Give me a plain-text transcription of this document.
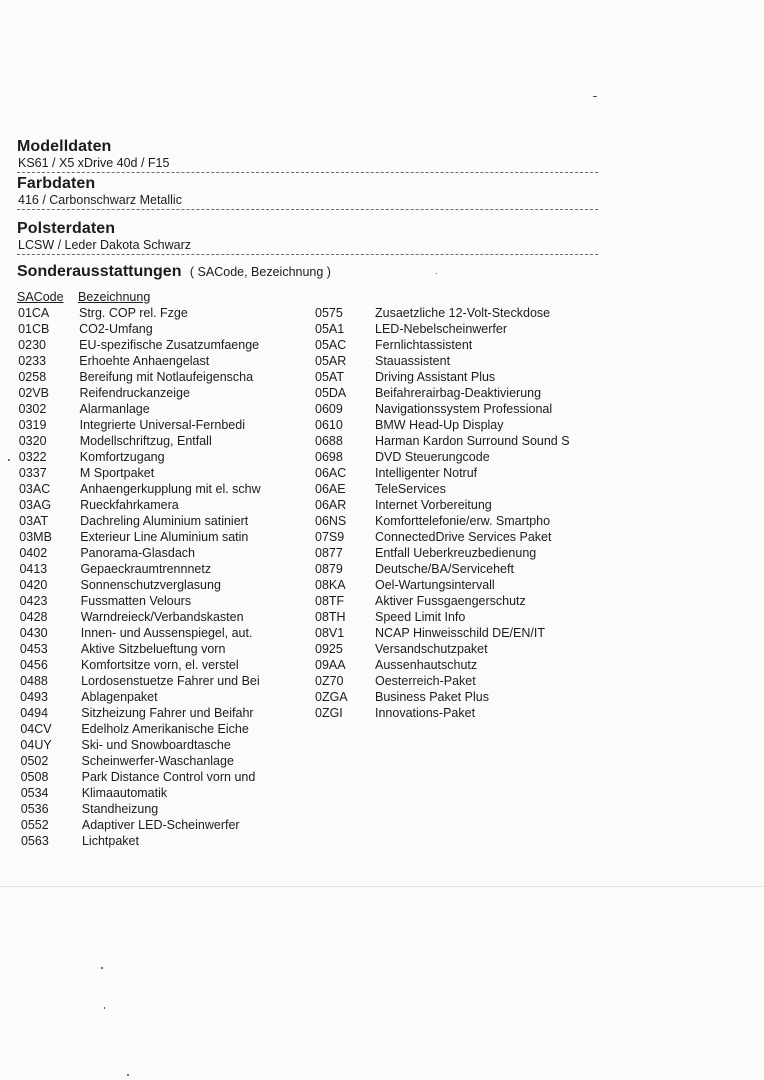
Modelldaten
KS61 / X5 xDrive 40d / F15
Farbdaten
416 / Carbonschwarz Metallic
Polsterdaten
LCSW / Leder Dakota Schwarz
Sonderausstattungen ( SACode, Bezeichnung )
SACode Bezeichnung
01CA Strg. COP rel. Fzge
01CB CO2-Umfang
0230	EU-spezifische Zusatzumfaenge
0233	Erhoehte Anhaengelast
0258	Bereifung mit Notlaufeigenscha
02VB Reifendruckanzeige
0302	Alarmanlage
0319	Integrierte Universal-Fernbedi
0320	Modellschriftzug, Entfall
0322	Komfortzugang
0337	M Sportpaket
03AC Anhaengerkupplung mit el. schw
03AG Rueckfahrkamera
03AT	Dachreling Aluminium satiniert
03MB Exterieur Line Aluminium satin
0402	Panorama-Glasdach
0413	Gepaeckraumtrennnetz
0420	Sonnenschutzverglasung
0423	Fussmatten Velours
0428	Warndreieck/Verbandskasten
0430	Innen- und Aussenspiegel, aut.
0453	Aktive Sitzbelueftung vorn
0456	Komfortsitze vorn, el. verstel
0488	Lordosenstuetze Fahrer und Bei
0493	Ablagenpaket
0494	Sitzheizung Fahrer und Beifahr
04CV Edelholz Amerikanische Eiche
04UY Ski- und Snowboardtasche
0502	Scheinwerfer-Waschanlage
0508	Park Distance Control vorn und
0534	Klimaautomatik
0536	Standheizung
0552	Adaptiver LED-Scheinwerfer
0563	Lichtpaket
0575	Zusaetzliche 12-Volt-Steckdose
05A1 LED-Nebelscheinwerfer
05AC Fernlichtassistent
05AR Stauassistent
05AT Driving Assistant Plus
05DA Beifahrerairbag-Deaktivierung
0609	Navigationssystem Professional
0610	BMW Head-Up Display
0688	Harman Kardon Surround Sound S
0698	DVD Steuerungcode
06AC Intelligenter Notruf
06AE TeleServices
06AR Internet Vorbereitung
06NS Komforttelefonie/erw. Smartpho
07S9 ConnectedDrive Services Paket
0877	Entfall Ueberkreuzbedienung
0879	Deutsche/BA/Serviceheft
08KA Oel-Wartungsintervall
08TF Aktiver Fussgaengerschutz
08TH Speed Limit Info
08V1 NCAP Hinweisschild DE/EN/IT
0925	Versandschutzpaket
09AA Aussenhautschutz
0Z70	Oesterreich-Paket
0ZGA Business Paket Plus
0ZGI	Innovations-Paket
